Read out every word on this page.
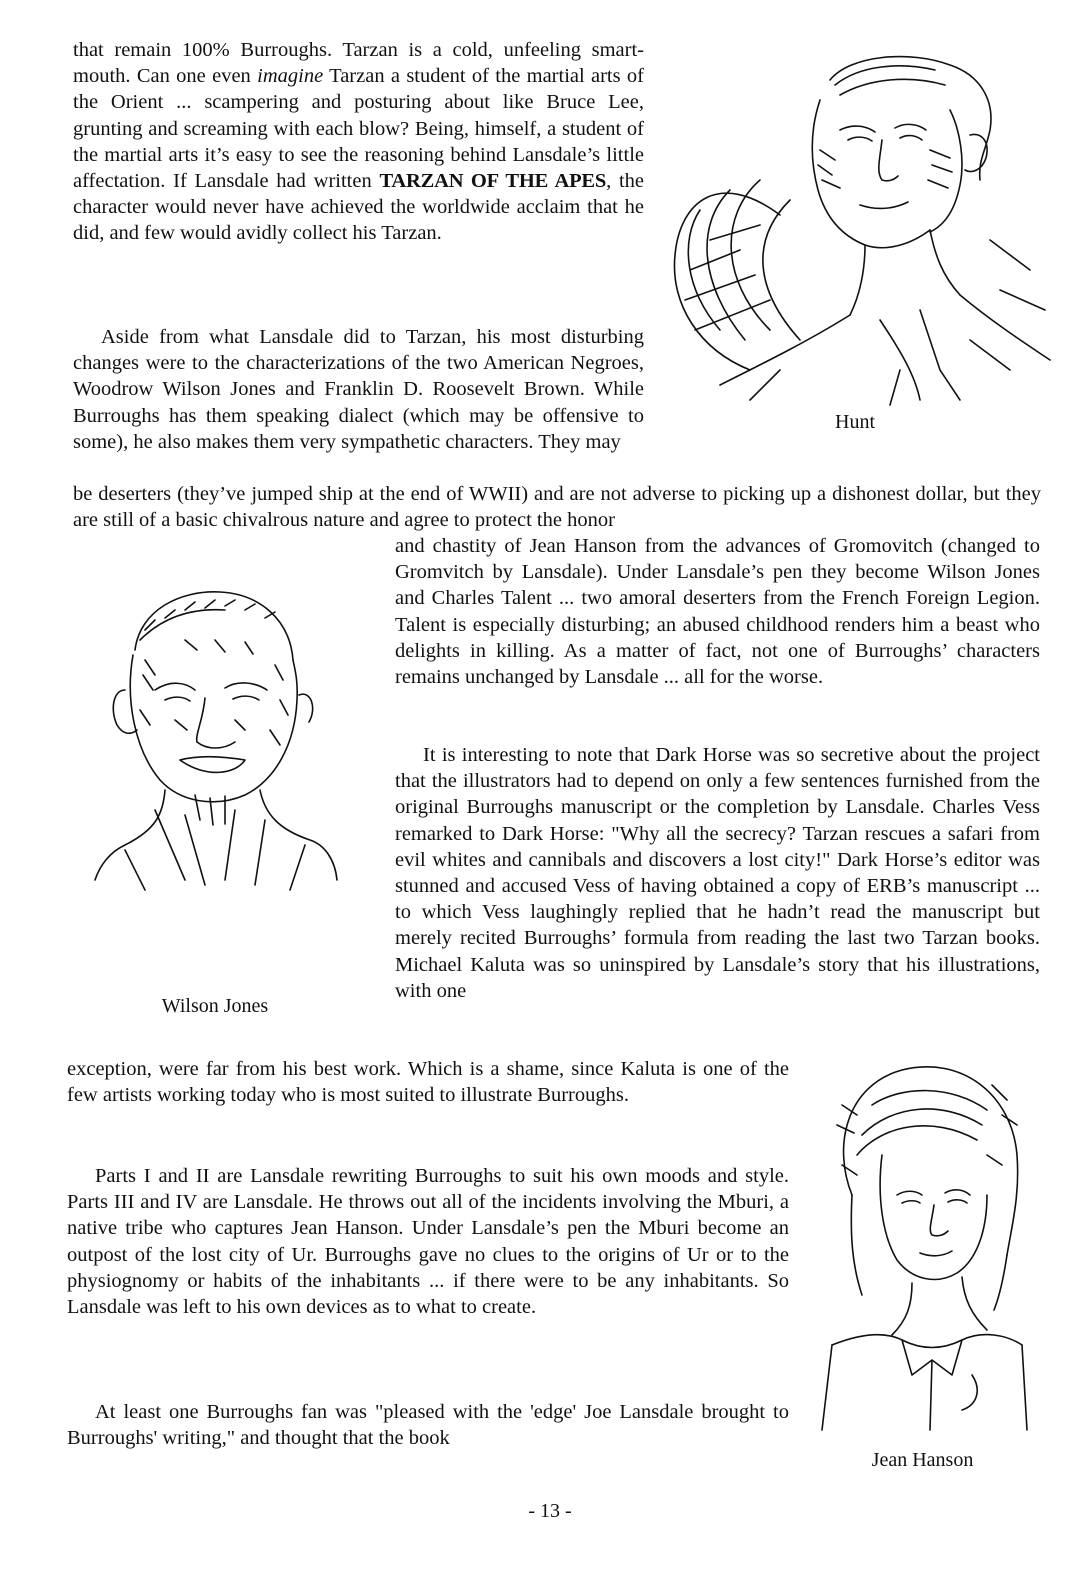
that remain 100% Burroughs. Tarzan is a cold, unfeeling smart-mouth. Can one even imagine Tarzan a student of the martial arts of the Orient ... scampering and posturing about like Bruce Lee, grunting and screaming with each blow? Being, himself, a student of the martial arts it’s easy to see the reasoning behind Lansdale’s little affectation. If Lansdale had written TARZAN OF THE APES, the character would never have achieved the worldwide acclaim that he did, and few would avidly collect his Tarzan.

Hunt

Aside from what Lansdale did to Tarzan, his most disturbing changes were to the characterizations of the two American Negroes, Woodrow Wilson Jones and Franklin D. Roosevelt Brown. While Burroughs has them speaking dialect (which may be offensive to some), he also makes them very sympathetic characters. They may

be deserters (they’ve jumped ship at the end of WWII) and are not adverse to picking up a dishonest dollar, but they are still of a basic chivalrous nature and agree to protect the honor

and chastity of Jean Hanson from the advances of Gromovitch (changed to Gromvitch by Lansdale). Under Lansdale’s pen they become Wilson Jones and Charles Talent ... two amoral deserters from the French Foreign Legion. Talent is especially disturbing; an abused childhood renders him a beast who delights in killing. As a matter of fact, not one of Burroughs’ characters remains unchanged by Lansdale ... all for the worse.

Wilson Jones

It is interesting to note that Dark Horse was so secretive about the project that the illustrators had to depend on only a few sentences furnished from the original Burroughs manuscript or the completion by Lansdale. Charles Vess remarked to Dark Horse: "Why all the secrecy? Tarzan rescues a safari from evil whites and cannibals and discovers a lost city!" Dark Horse’s editor was stunned and accused Vess of having obtained a copy of ERB’s manuscript ... to which Vess laughingly replied that he hadn’t read the manuscript but merely recited Burroughs’ formula from reading the last two Tarzan books. Michael Kaluta was so uninspired by Lansdale’s story that his illustrations, with one

exception, were far from his best work. Which is a shame, since Kaluta is one of the few artists working today who is most suited to illustrate Burroughs.

Jean Hanson

Parts I and II are Lansdale rewriting Burroughs to suit his own moods and style. Parts III and IV are Lansdale. He throws out all of the incidents involving the Mburi, a native tribe who captures Jean Hanson. Under Lansdale’s pen the Mburi become an outpost of the lost city of Ur. Burroughs gave no clues to the origins of Ur or to the physiognomy or habits of the inhabitants ... if there were to be any inhabitants. So Lansdale was left to his own devices as to what to create.

At least one Burroughs fan was "pleased with the 'edge' Joe Lansdale brought to Burroughs' writing," and thought that the book

- 13 -
